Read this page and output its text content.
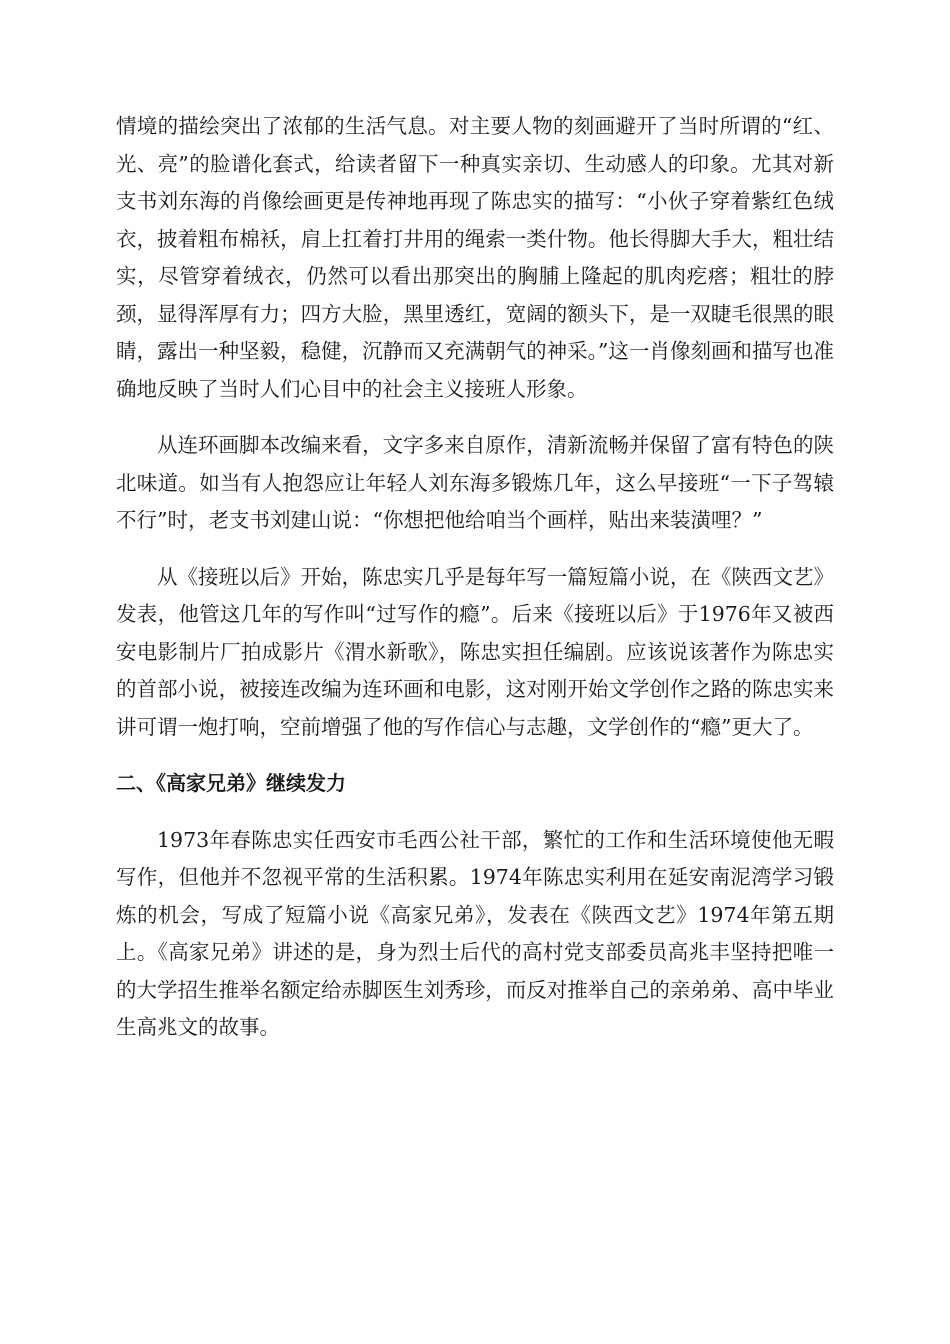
情境的描绘突出了浓郁的生活气息。对主要人物的刻画避开了当时所谓的“红、光、亮”的脸谱化套式，给读者留下一种真实亲切、生动感人的印象。尤其对新支书刘东海的肖像绘画更是传神地再现了陈忠实的描写：“小伙子穿着紫红色绒衣，披着粗布棉袄，肩上扛着打井用的绳索一类什物。他长得脚大手大，粗壮结实，尽管穿着绒衣，仍然可以看出那突出的胸脯上隆起的肌肉疙瘩；粗壮的脖颈，显得浑厚有力；四方大脸，黑里透红，宽阔的额头下，是一双睫毛很黑的眼睛，露出一种坚毅，稳健，沉静而又充满朝气的神采。”这一肖像刻画和描写也准确地反映了当时人们心目中的社会主义接班人形象。

从连环画脚本改编来看，文字多来自原作，清新流畅并保留了富有特色的陕北味道。如当有人抱怨应让年轻人刘东海多锻炼几年，这么早接班“一下子驾辕不行”时，老支书刘建山说：“你想把他给咱当个画样，贴出来装潢哩？”

从《接班以后》开始，陈忠实几乎是每年写一篇短篇小说，在《陕西文艺》发表，他管这几年的写作叫“过写作的瘾”。后来《接班以后》于1976年又被西安电影制片厂拍成影片《渭水新歌》，陈忠实担任编剧。应该说该著作为陈忠实的首部小说，被接连改编为连环画和电影，这对刚开始文学创作之路的陈忠实来讲可谓一炮打响，空前增强了他的写作信心与志趣，文学创作的“瘾”更大了。

二、《高家兄弟》继续发力

1973年春陈忠实任西安市毛西公社干部，繁忙的工作和生活环境使他无暇写作，但他并不忽视平常的生活积累。1974年陈忠实利用在延安南泥湾学习锻炼的机会，写成了短篇小说《高家兄弟》，发表在《陕西文艺》1974年第五期上。《高家兄弟》讲述的是，身为烈士后代的高村党支部委员高兆丰坚持把唯一的大学招生推举名额定给赤脚医生刘秀珍，而反对推举自己的亲弟弟、高中毕业生高兆文的故事。
